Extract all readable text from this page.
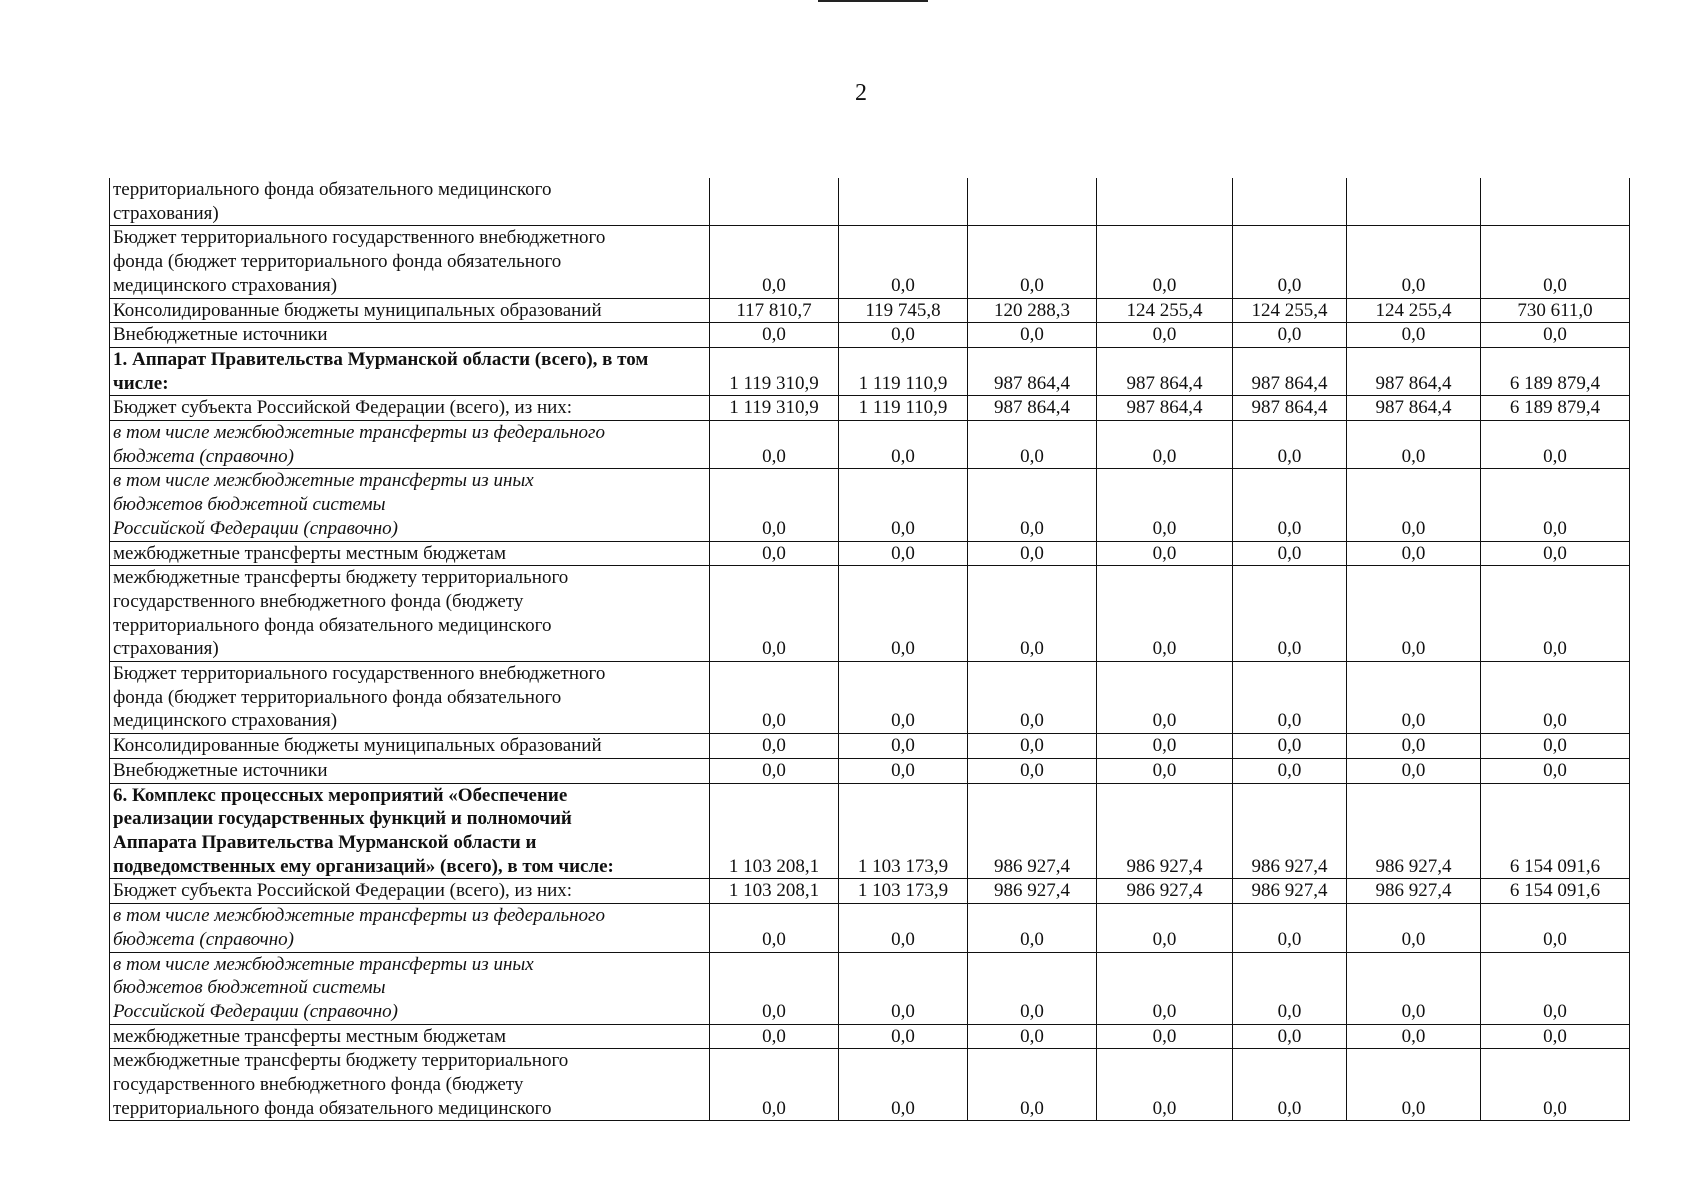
2
территориального фонда обязательного медицинского
страхования)							

Бюджет территориального государственного внебюджетного
фонда (бюджет территориального фонда обязательного
медицинского страхования)	0,0	0,0	0,0	0,0	0,0	0,0	0,0

Консолидированные бюджеты муниципальных образований	117 810,7	119 745,8	120 288,3	124 255,4	124 255,4	124 255,4	730 611,0

Внебюджетные источники	0,0	0,0	0,0	0,0	0,0	0,0	0,0

1. Аппарат Правительства Мурманской области (всего), в том
числе:	1 119 310,9	1 119 110,9	987 864,4	987 864,4	987 864,4	987 864,4	6 189 879,4

Бюджет субъекта Российской Федерации (всего), из них:	1 119 310,9	1 119 110,9	987 864,4	987 864,4	987 864,4	987 864,4	6 189 879,4

в том числе межбюджетные трансферты из федерального
бюджета (справочно)	0,0	0,0	0,0	0,0	0,0	0,0	0,0

в том числе межбюджетные трансферты из иных
бюджетов бюджетной системы
Российской Федерации (справочно)	0,0	0,0	0,0	0,0	0,0	0,0	0,0

межбюджетные трансферты местным бюджетам	0,0	0,0	0,0	0,0	0,0	0,0	0,0

межбюджетные трансферты бюджету территориального
государственного внебюджетного фонда (бюджету
территориального фонда обязательного медицинского
страхования)	0,0	0,0	0,0	0,0	0,0	0,0	0,0

Бюджет территориального государственного внебюджетного
фонда (бюджет территориального фонда обязательного
медицинского страхования)	0,0	0,0	0,0	0,0	0,0	0,0	0,0

Консолидированные бюджеты муниципальных образований	0,0	0,0	0,0	0,0	0,0	0,0	0,0

Внебюджетные источники	0,0	0,0	0,0	0,0	0,0	0,0	0,0

6. Комплекс процессных мероприятий «Обеспечение
реализации государственных функций и полномочий
Аппарата Правительства Мурманской области и
подведомственных ему организаций» (всего), в том числе:	1 103 208,1	1 103 173,9	986 927,4	986 927,4	986 927,4	986 927,4	6 154 091,6

Бюджет субъекта Российской Федерации (всего), из них:	1 103 208,1	1 103 173,9	986 927,4	986 927,4	986 927,4	986 927,4	6 154 091,6

в том числе межбюджетные трансферты из федерального
бюджета (справочно)	0,0	0,0	0,0	0,0	0,0	0,0	0,0

в том числе межбюджетные трансферты из иных
бюджетов бюджетной системы
Российской Федерации (справочно)	0,0	0,0	0,0	0,0	0,0	0,0	0,0

межбюджетные трансферты местным бюджетам	0,0	0,0	0,0	0,0	0,0	0,0	0,0

межбюджетные трансферты бюджету территориального
государственного внебюджетного фонда (бюджету
территориального фонда обязательного медицинского	0,0	0,0	0,0	0,0	0,0	0,0	0,0
